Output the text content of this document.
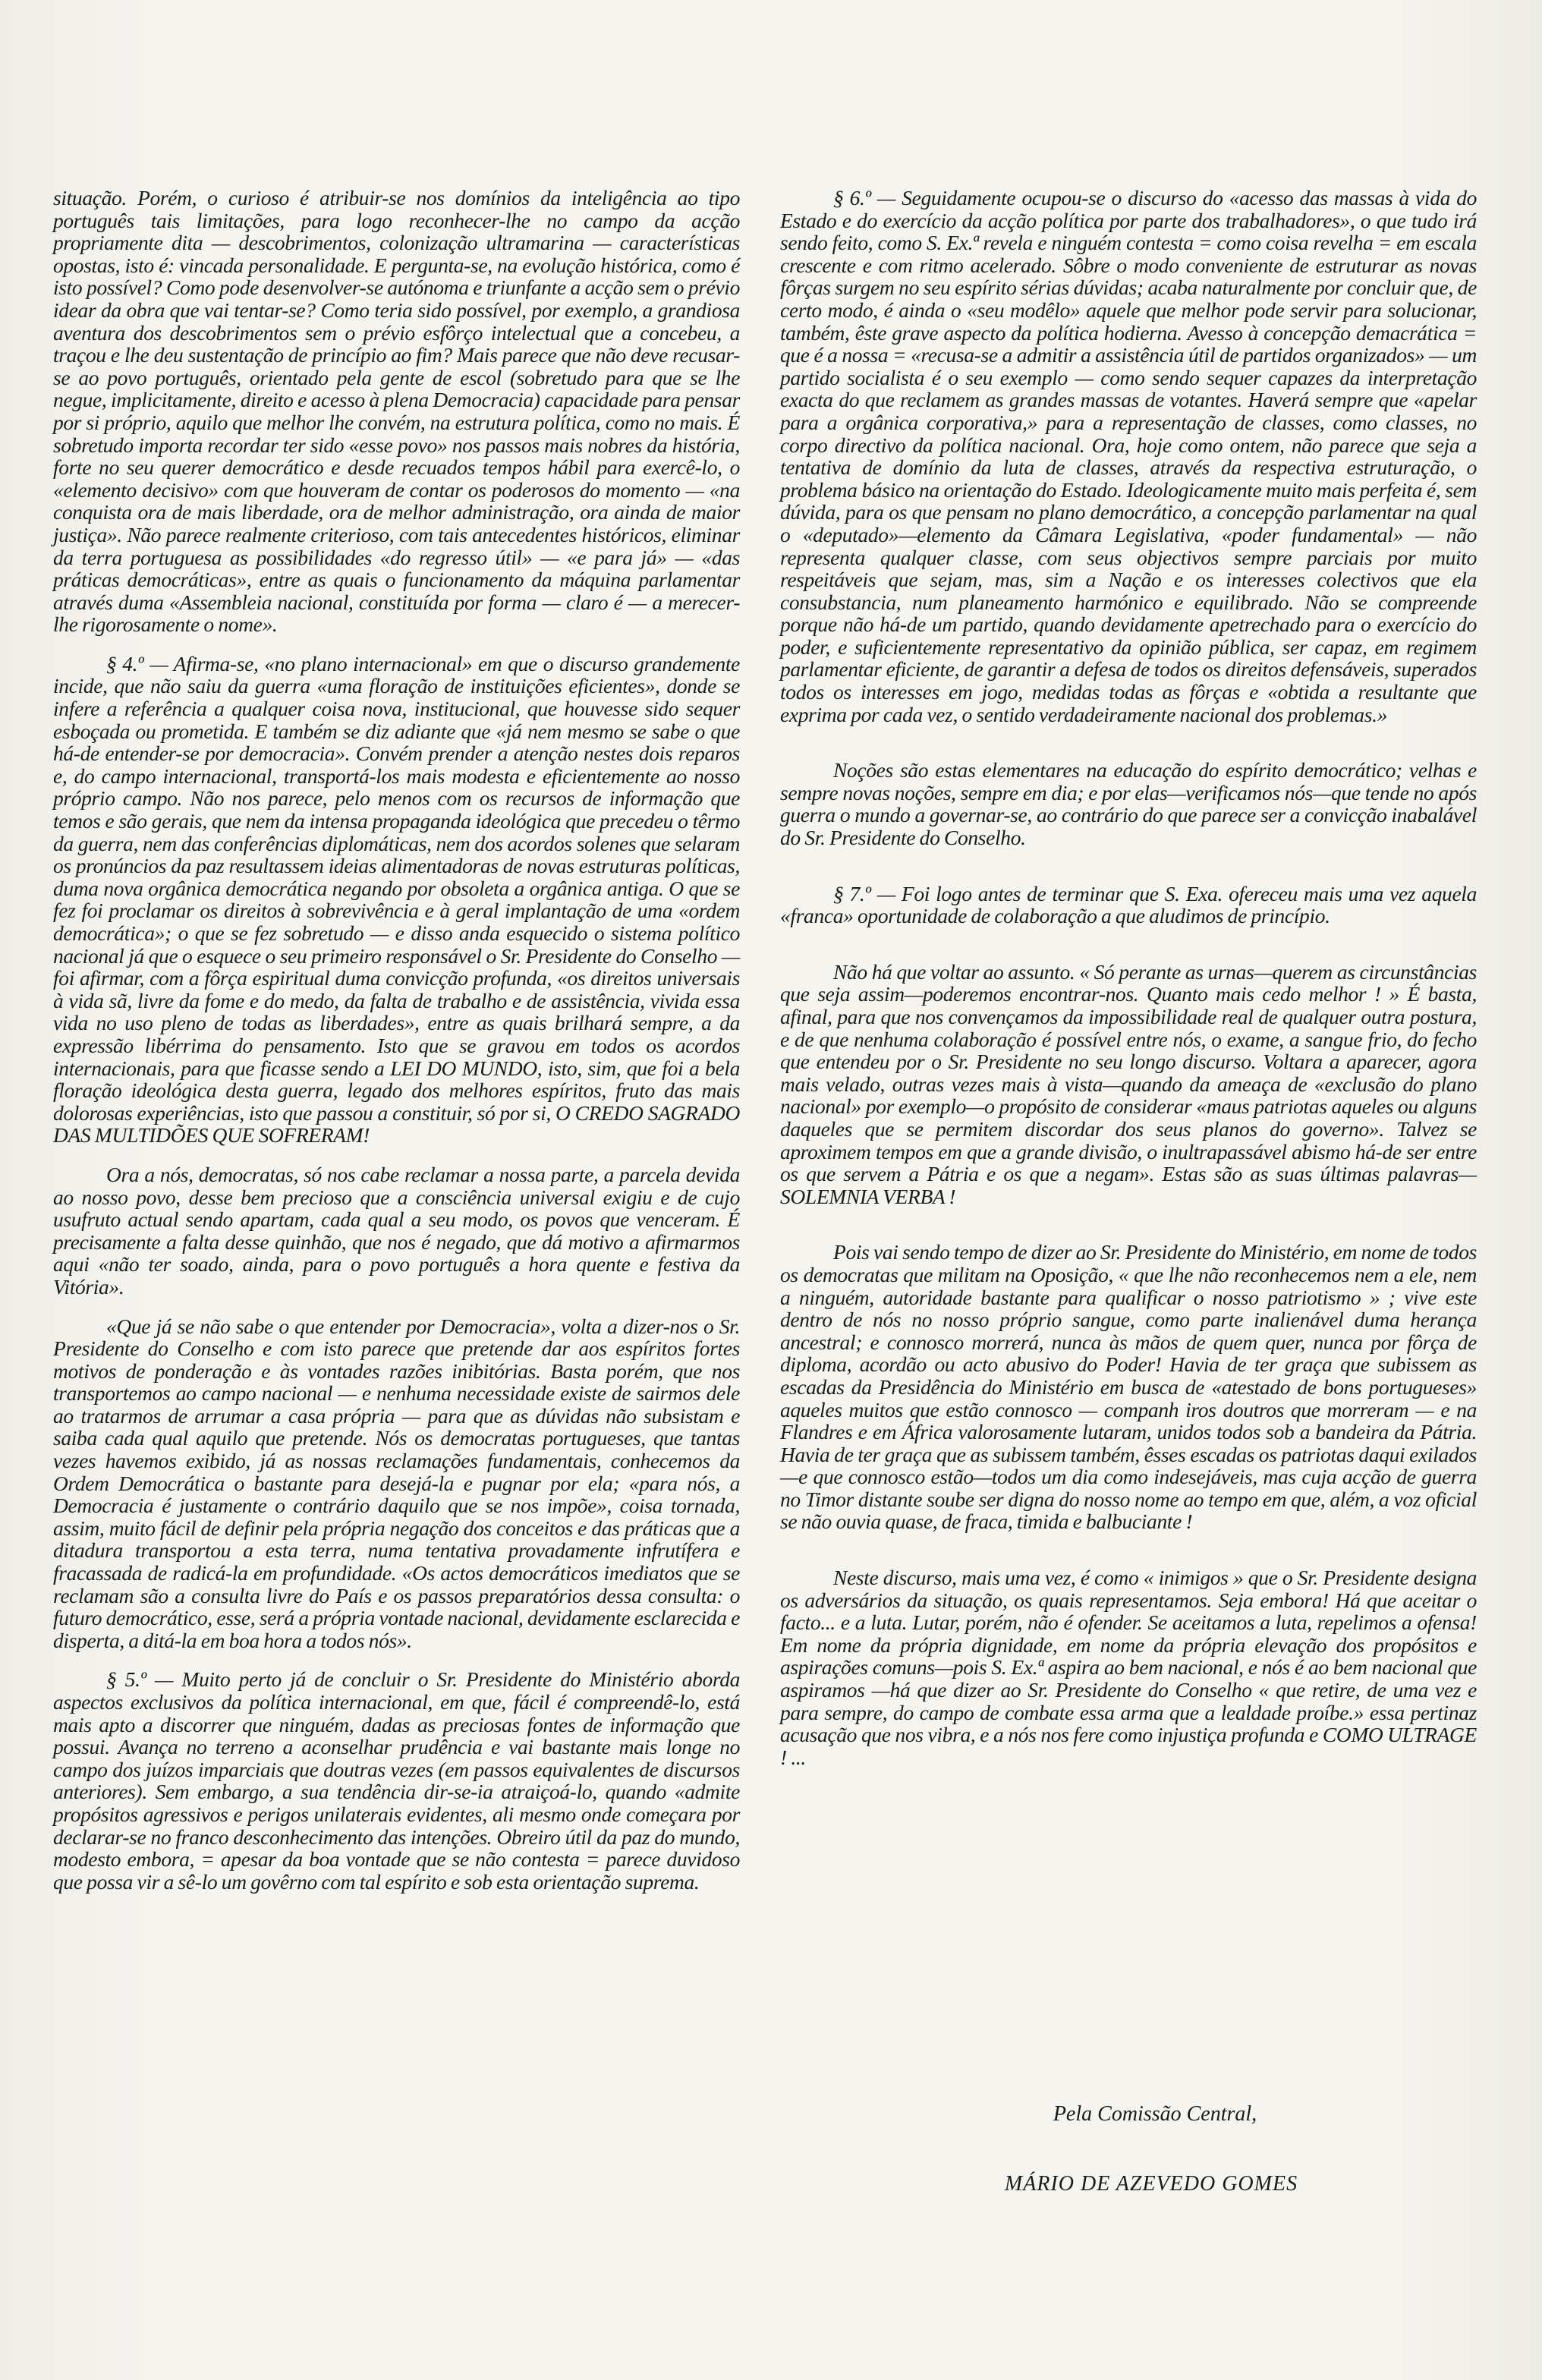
situação. Porém, o curioso é atribuir-se nos domínios da inteligência ao tipo português tais limitações, para logo reconhecer-lhe no campo da acção propriamente dita — descobrimentos, colonização ultramarina — características opostas, isto é: vincada personalidade. E pergunta-se, na evolução histórica, como é isto possível? Como pode desenvolver-se autónoma e triunfante a acção sem o prévio idear da obra que vai tentar-se? Como teria sido possível, por exemplo, a grandiosa aventura dos descobrimentos sem o prévio esfôrço intelectual que a concebeu, a traçou e lhe deu sustentação de princípio ao fim? Mais parece que não deve recusar-se ao povo português, orientado pela gente de escol (sobretudo para que se lhe negue, implicitamente, direito e acesso à plena Democracia) capacidade para pensar por si próprio, aquilo que melhor lhe convém, na estrutura política, como no mais. É sobretudo importa recordar ter sido «esse povo» nos passos mais nobres da história, forte no seu querer democrático e desde recuados tempos hábil para exercê-lo, o «elemento decisivo» com que houveram de contar os poderosos do momento — «na conquista ora de mais liberdade, ora de melhor administração, ora ainda de maior justiça». Não parece realmente criterioso, com tais antecedentes históricos, eliminar da terra portuguesa as possibilidades «do regresso útil» — «e para já» — «das práticas democráticas», entre as quais o funcionamento da máquina parlamentar através duma «Assembleia nacional, constituída por forma — claro é — a merecer-lhe rigorosamente o nome».

§ 4.º — Afirma-se, «no plano internacional» em que o discurso grandemente incide, que não saiu da guerra «uma floração de instituições eficientes», donde se infere a referência a qualquer coisa nova, institucional, que houvesse sido sequer esboçada ou prometida. E também se diz adiante que «já nem mesmo se sabe o que há-de entender-se por democracia». Convém prender a atenção nestes dois reparos e, do campo internacional, transportá-los mais modesta e eficientemente ao nosso próprio campo. Não nos parece, pelo menos com os recursos de informação que temos e são gerais, que nem da intensa propaganda ideológica que precedeu o têrmo da guerra, nem das conferências diplomáticas, nem dos acordos solenes que selaram os pronúncios da paz resultassem ideias alimentadoras de novas estruturas políticas, duma nova orgânica democrática negando por obsoleta a orgânica antiga. O que se fez foi proclamar os direitos à sobrevivência e à geral implantação de uma «ordem democrática»; o que se fez sobretudo — e disso anda esquecido o sistema político nacional já que o esquece o seu primeiro responsável o Sr. Presidente do Conselho — foi afirmar, com a fôrça espiritual duma convicção profunda, «os direitos universais à vida sã, livre da fome e do medo, da falta de trabalho e de assistência, vivida essa vida no uso pleno de todas as liberdades», entre as quais brilhará sempre, a da expressão libérrima do pensamento. Isto que se gravou em todos os acordos internacionais, para que ficasse sendo a LEI DO MUNDO, isto, sim, que foi a bela floração ideológica desta guerra, legado dos melhores espíritos, fruto das mais dolorosas experiências, isto que passou a constituir, só por si, O CREDO SAGRADO DAS MULTIDÕES QUE SOFRERAM!

Ora a nós, democratas, só nos cabe reclamar a nossa parte, a parcela devida ao nosso povo, desse bem precioso que a consciência universal exigiu e de cujo usufruto actual sendo apartam, cada qual a seu modo, os povos que venceram. É precisamente a falta desse quinhão, que nos é negado, que dá motivo a afirmarmos aqui «não ter soado, ainda, para o povo português a hora quente e festiva da Vitória».

«Que já se não sabe o que entender por Democracia», volta a dizer-nos o Sr. Presidente do Conselho e com isto parece que pretende dar aos espíritos fortes motivos de ponderação e às vontades razões inibitórias. Basta porém, que nos transportemos ao campo nacional — e nenhuma necessidade existe de sairmos dele ao tratarmos de arrumar a casa própria — para que as dúvidas não subsistam e saiba cada qual aquilo que pretende. Nós os democratas portugueses, que tantas vezes havemos exibido, já as nossas reclamações fundamentais, conhecemos da Ordem Democrática o bastante para desejá-la e pugnar por ela; «para nós, a Democracia é justamente o contrário daquilo que se nos impõe», coisa tornada, assim, muito fácil de definir pela própria negação dos conceitos e das práticas que a ditadura transportou a esta terra, numa tentativa provadamente infrutífera e fracassada de radicá-la em profundidade. «Os actos democráticos imediatos que se reclamam são a consulta livre do País e os passos preparatórios dessa consulta: o futuro democrático, esse, será a própria vontade nacional, devidamente esclarecida e disperta, a ditá-la em boa hora a todos nós».

§ 5.º — Muito perto já de concluir o Sr. Presidente do Ministério aborda aspectos exclusivos da política internacional, em que, fácil é compreendê-lo, está mais apto a discorrer que ninguém, dadas as preciosas fontes de informação que possui. Avança no terreno a aconselhar prudência e vai bastante mais longe no campo dos juízos imparciais que doutras vezes (em passos equivalentes de discursos anteriores). Sem embargo, a sua tendência dir-se-ia atraiçoá-lo, quando «admite propósitos agressivos e perigos unilaterais evidentes, ali mesmo onde começara por declarar-se no franco desconhecimento das intenções. Obreiro útil da paz do mundo, modesto embora, = apesar da boa vontade que se não contesta = parece duvidoso que possa vir a sê-lo um govêrno com tal espírito e sob esta orientação suprema.

§ 6.º — Seguidamente ocupou-se o discurso do «acesso das massas à vida do Estado e do exercício da acção política por parte dos trabalhadores», o que tudo irá sendo feito, como S. Ex.ª revela e ninguém contesta = como coisa revelha = em escala crescente e com ritmo acelerado. Sôbre o modo conveniente de estruturar as novas fôrças surgem no seu espírito sérias dúvidas; acaba naturalmente por concluir que, de certo modo, é ainda o «seu modêlo» aquele que melhor pode servir para solucionar, também, êste grave aspecto da política hodierna. Avesso à concepção demacrática = que é a nossa = «recusa-se a admitir a assistência útil de partidos organizados» — um partido socialista é o seu exemplo — como sendo sequer capazes da interpretação exacta do que reclamem as grandes massas de votantes. Haverá sempre que «apelar para a orgânica corporativa,» para a representação de classes, como classes, no corpo directivo da política nacional. Ora, hoje como ontem, não parece que seja a tentativa de domínio da luta de classes, através da respectiva estruturação, o problema básico na orientação do Estado. Ideologicamente muito mais perfeita é, sem dúvida, para os que pensam no plano democrático, a concepção parlamentar na qual o «deputado»—elemento da Câmara Legislativa, «poder fundamental» — não representa qualquer classe, com seus objectivos sempre parciais por muito respeitáveis que sejam, mas, sim a Nação e os interesses colectivos que ela consubstancia, num planeamento harmónico e equilibrado. Não se compreende porque não há-de um partido, quando devidamente apetrechado para o exercício do poder, e suficientemente representativo da opinião pública, ser capaz, em regimem parlamentar eficiente, de garantir a defesa de todos os direitos defensáveis, superados todos os interesses em jogo, medidas todas as fôrças e «obtida a resultante que exprima por cada vez, o sentido verdadeiramente nacional dos problemas.»

Noções são estas elementares na educação do espírito democrático; velhas e sempre novas noções, sempre em dia; e por elas—verificamos nós—que tende no após guerra o mundo a governar-se, ao contrário do que parece ser a convicção inabalável do Sr. Presidente do Conselho.

§ 7.º — Foi logo antes de terminar que S. Exa. ofereceu mais uma vez aquela «franca» oportunidade de colaboração a que aludimos de princípio.

Não há que voltar ao assunto. « Só perante as urnas—querem as circunstâncias que seja assim—poderemos encontrar-nos. Quanto mais cedo melhor ! » É basta, afinal, para que nos convençamos da impossibilidade real de qualquer outra postura, e de que nenhuma colaboração é possível entre nós, o exame, a sangue frio, do fecho que entendeu por o Sr. Presidente no seu longo discurso. Voltara a aparecer, agora mais velado, outras vezes mais à vista—quando da ameaça de «exclusão do plano nacional» por exemplo—o propósito de considerar «maus patriotas aqueles ou alguns daqueles que se permitem discordar dos seus planos do governo». Talvez se aproximem tempos em que a grande divisão, o inultrapassável abismo há-de ser entre os que servem a Pátria e os que a negam». Estas são as suas últimas palavras—SOLEMNIA VERBA !

Pois vai sendo tempo de dizer ao Sr. Presidente do Ministério, em nome de todos os democratas que militam na Oposição, « que lhe não reconhecemos nem a ele, nem a ninguém, autoridade bastante para qualificar o nosso patriotismo » ; vive este dentro de nós no nosso próprio sangue, como parte inalienável duma herança ancestral; e connosco morrerá, nunca às mãos de quem quer, nunca por fôrça de diploma, acordão ou acto abusivo do Poder! Havia de ter graça que subissem as escadas da Presidência do Ministério em busca de «atestado de bons portugueses» aqueles muitos que estão connosco — companh iros doutros que morreram — e na Flandres e em África valorosamente lutaram, unidos todos sob a bandeira da Pátria. Havia de ter graça que as subissem também, êsses escadas os patriotas daqui exilados—e que connosco estão—todos um dia como indesejáveis, mas cuja acção de guerra no Timor distante soube ser digna do nosso nome ao tempo em que, além, a voz oficial se não ouvia quase, de fraca, timida e balbuciante !

Neste discurso, mais uma vez, é como « inimigos » que o Sr. Presidente designa os adversários da situação, os quais representamos. Seja embora! Há que aceitar o facto... e a luta. Lutar, porém, não é ofender. Se aceitamos a luta, repelimos a ofensa! Em nome da própria dignidade, em nome da própria elevação dos propósitos e aspirações comuns—pois S. Ex.ª aspira ao bem nacional, e nós é ao bem nacional que aspiramos —há que dizer ao Sr. Presidente do Conselho « que retire, de uma vez e para sempre, do campo de combate essa arma que a lealdade proíbe.» essa pertinaz acusação que nos vibra, e a nós nos fere como injustiça profunda e COMO ULTRAGE ! ...

Pela Comissão Central,
MÁRIO DE AZEVEDO GOMES
